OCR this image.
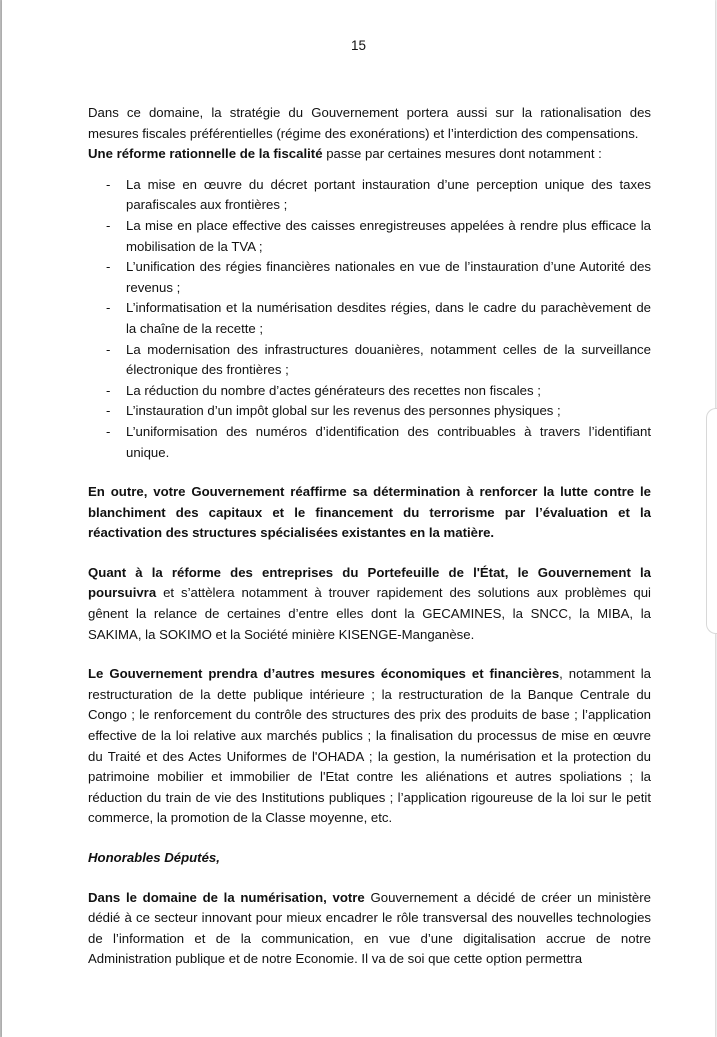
15

Dans ce domaine, la stratégie du Gouvernement portera aussi sur la rationalisation des mesures fiscales préférentielles (régime des exonérations) et l’interdiction des compensations.

Une réforme rationnelle de la fiscalité passe par certaines mesures dont notamment :

- La mise en œuvre du décret portant instauration d’une perception unique des taxes parafiscales aux frontières ;
- La mise en place effective des caisses enregistreuses appelées à rendre plus efficace la mobilisation de la TVA ;
- L’unification des régies financières nationales en vue de l’instauration d’une Autorité des revenus ;
- L’informatisation et la numérisation desdites régies, dans le cadre du parachèvement de la chaîne de la recette ;
- La modernisation des infrastructures douanières, notamment celles de la surveillance électronique des frontières ;
- La réduction du nombre d’actes générateurs des recettes non fiscales ;
- L’instauration d’un impôt global sur les revenus des personnes physiques ;
- L’uniformisation des numéros d’identification des contribuables à travers l’identifiant unique.

En outre, votre Gouvernement réaffirme sa détermination à renforcer la lutte contre le blanchiment des capitaux et le financement du terrorisme par l’évaluation et la réactivation des structures spécialisées existantes en la matière.

Quant à la réforme des entreprises du Portefeuille de l'État, le Gouvernement la poursuivra et s’attèlera notamment à trouver rapidement des solutions aux problèmes qui gênent la relance de certaines d’entre elles dont la GECAMINES, la SNCC, la MIBA, la SAKIMA, la SOKIMO et la Société minière KISENGE-Manganèse.

Le Gouvernement prendra d’autres mesures économiques et financières, notamment la restructuration de la dette publique intérieure ; la restructuration de la Banque Centrale du Congo ; le renforcement du contrôle des structures des prix des produits de base ; l’application effective de la loi relative aux marchés publics ; la finalisation du processus de mise en œuvre du Traité et des Actes Uniformes de l'OHADA ; la gestion, la numérisation et la protection du patrimoine mobilier et immobilier de l'Etat contre les aliénations et autres spoliations ; la réduction du train de vie des Institutions publiques ; l’application rigoureuse de la loi sur le petit commerce, la promotion de la Classe moyenne, etc.

Honorables Députés,

Dans le domaine de la numérisation, votre Gouvernement a décidé de créer un ministère dédié à ce secteur innovant pour mieux encadrer le rôle transversal des nouvelles technologies de l’information et de la communication, en vue d’une digitalisation accrue de notre Administration publique et de notre Economie. Il va de soi que cette option permettra
